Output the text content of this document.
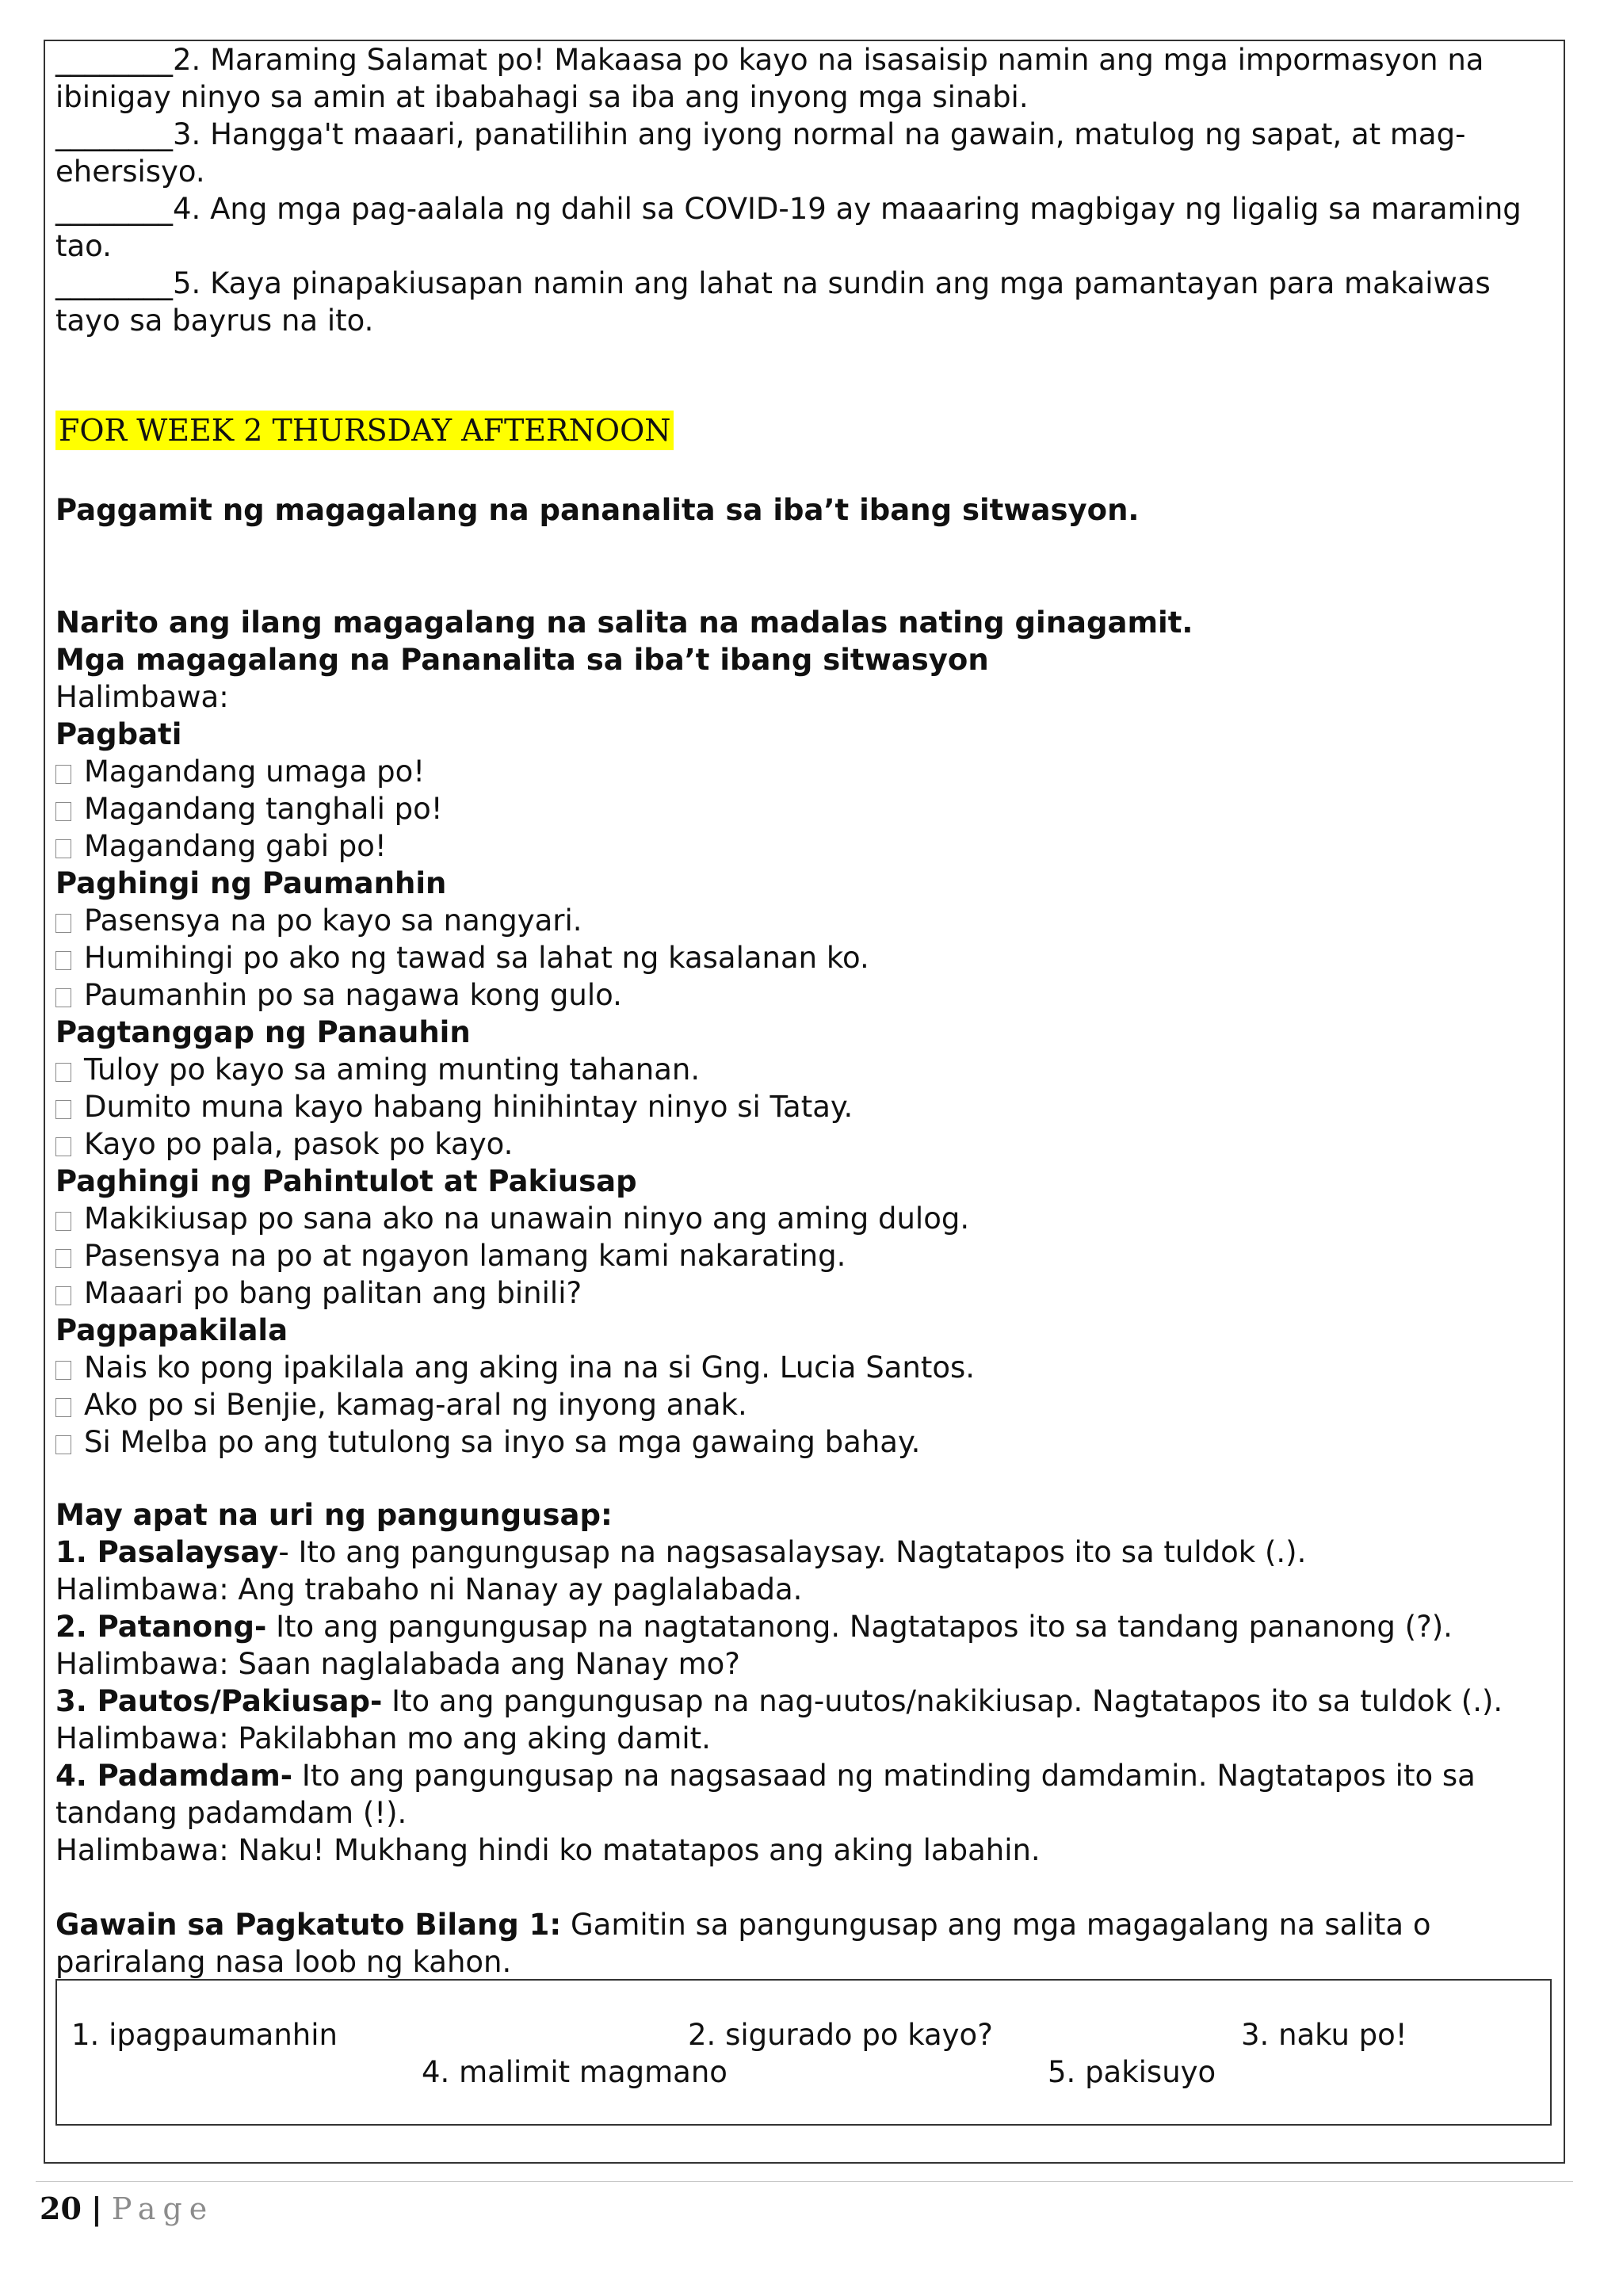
________2. Maraming Salamat po! Makaasa po kayo na isasaisip namin ang mga impormasyon na

ibinigay ninyo sa amin at ibabahagi sa iba ang inyong mga sinabi.

________3. Hangga't maaari, panatilihin ang iyong normal na gawain, matulog ng sapat, at mag-

ehersisyo.

________4. Ang mga pag-aalala ng dahil sa COVID-19 ay maaaring magbigay ng ligalig sa maraming

tao.

________5. Kaya pinapakiusapan namin ang lahat na sundin ang mga pamantayan para makaiwas

tayo sa bayrus na ito.

FOR WEEK 2 THURSDAY AFTERNOON

Paggamit ng magagalang na pananalita sa iba’t ibang sitwasyon.

Narito ang ilang magagalang na salita na madalas nating ginagamit.

Mga magagalang na Pananalita sa iba’t ibang sitwasyon

Halimbawa:

Pagbati

Magandang umaga po!

Magandang tanghali po!

Magandang gabi po!

Paghingi ng Paumanhin

Pasensya na po kayo sa nangyari.

Humihingi po ako ng tawad sa lahat ng kasalanan ko.

Paumanhin po sa nagawa kong gulo.

Pagtanggap ng Panauhin

Tuloy po kayo sa aming munting tahanan.

Dumito muna kayo habang hinihintay ninyo si Tatay.

Kayo po pala, pasok po kayo.

Paghingi ng Pahintulot at Pakiusap

Makikiusap po sana ako na unawain ninyo ang aming dulog.

Pasensya na po at ngayon lamang kami nakarating.

Maaari po bang palitan ang binili?

Pagpapakilala

Nais ko pong ipakilala ang aking ina na si Gng. Lucia Santos.

Ako po si Benjie, kamag-aral ng inyong anak.

Si Melba po ang tutulong sa inyo sa mga gawaing bahay.

May apat na uri ng pangungusap:

1. Pasalaysay- Ito ang pangungusap na nagsasalaysay. Nagtatapos ito sa tuldok (.).

Halimbawa: Ang trabaho ni Nanay ay paglalabada.

2. Patanong- Ito ang pangungusap na nagtatanong. Nagtatapos ito sa tandang pananong (?).

Halimbawa: Saan naglalabada ang Nanay mo?

3. Pautos/Pakiusap- Ito ang pangungusap na nag-uutos/nakikiusap. Nagtatapos ito sa tuldok (.).

Halimbawa: Pakilabhan mo ang aking damit.

4. Padamdam- Ito ang pangungusap na nagsasaad ng matinding damdamin. Nagtatapos ito sa

tandang padamdam (!).

Halimbawa: Naku! Mukhang hindi ko matatapos ang aking labahin.

Gawain sa Pagkatuto Bilang 1: Gamitin sa pangungusap ang mga magagalang na salita o

pariralang nasa loob ng kahon.

1. ipagpaumanhin	2. sigurado po kayo?	3. naku po!
4. malimit magmano	5. pakisuyo
20 | Page
